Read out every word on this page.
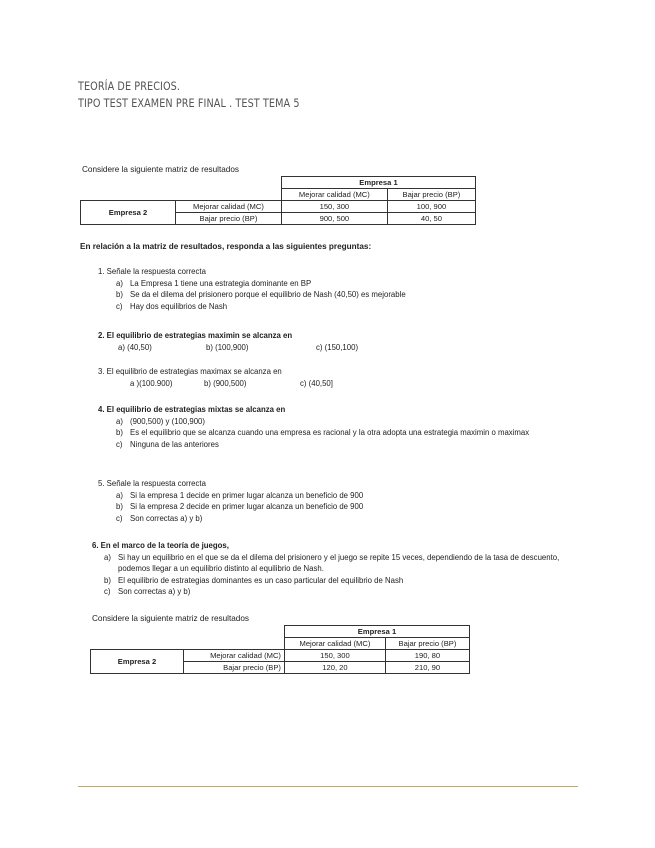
TEORÍA DE PRECIOS.
TIPO TEST EXAMEN PRE FINAL . TEST TEMA 5
Considere la siguiente matriz de resultados
		Empresa 1	
		Mejorar calidad (MC)	Bajar precio (BP)
Empresa 2	Mejorar calidad (MC)	150, 300	100, 900
	Bajar precio (BP)	900, 500	40, 50
En relación a la matriz de resultados, responda a las siguientes preguntas:
1. Señale la respuesta correcta
a) La Empresa 1 tiene una estrategia dominante en BP
b) Se da el dilema del prisionero porque el equilibrio de Nash (40,50) es mejorable
c) Hay dos equilibrios de Nash
2. El equilibrio de estrategias maximin se alcanza en
a) (40,50)	b) (100,900)	c) (150,100)
3. El equilibrio de estrategias maximax se alcanza en
a )(100.900)	b) (900,500)	c) (40,50]
4. El equilibrio de estrategias mixtas se alcanza en
a) (900,500) y (100,900)
b) Es el equilibrio que se alcanza cuando una empresa es racional y la otra adopta una estrategia maximin o maximax
c) Ninguna de las anteriores
5. Señale la respuesta correcta
a) Si la empresa 1 decide en primer lugar alcanza un beneficio de 900
b) Si la empresa 2 decide en primer lugar alcanza un beneficio de 900
c) Son correctas a) y b)
6. En el marco de la teoría de juegos,
a) Si hay un equilibrio en el que se da el dilema del prisionero y el juego se repite 15 veces, dependiendo de la tasa de descuento, podemos llegar a un equilibrio distinto al equilibrio de Nash.
b) El equilibrio de estrategias dominantes es un caso particular del equilibrio de Nash
c) Son correctas a) y b)
Considere la siguiente matriz de resultados
		Empresa 1	
		Mejorar calidad (MC)	Bajar precio (BP)
Empresa 2	Mejorar calidad (MC)	150, 300	190, 80
	Bajar precio (BP)	120, 20	210, 90
